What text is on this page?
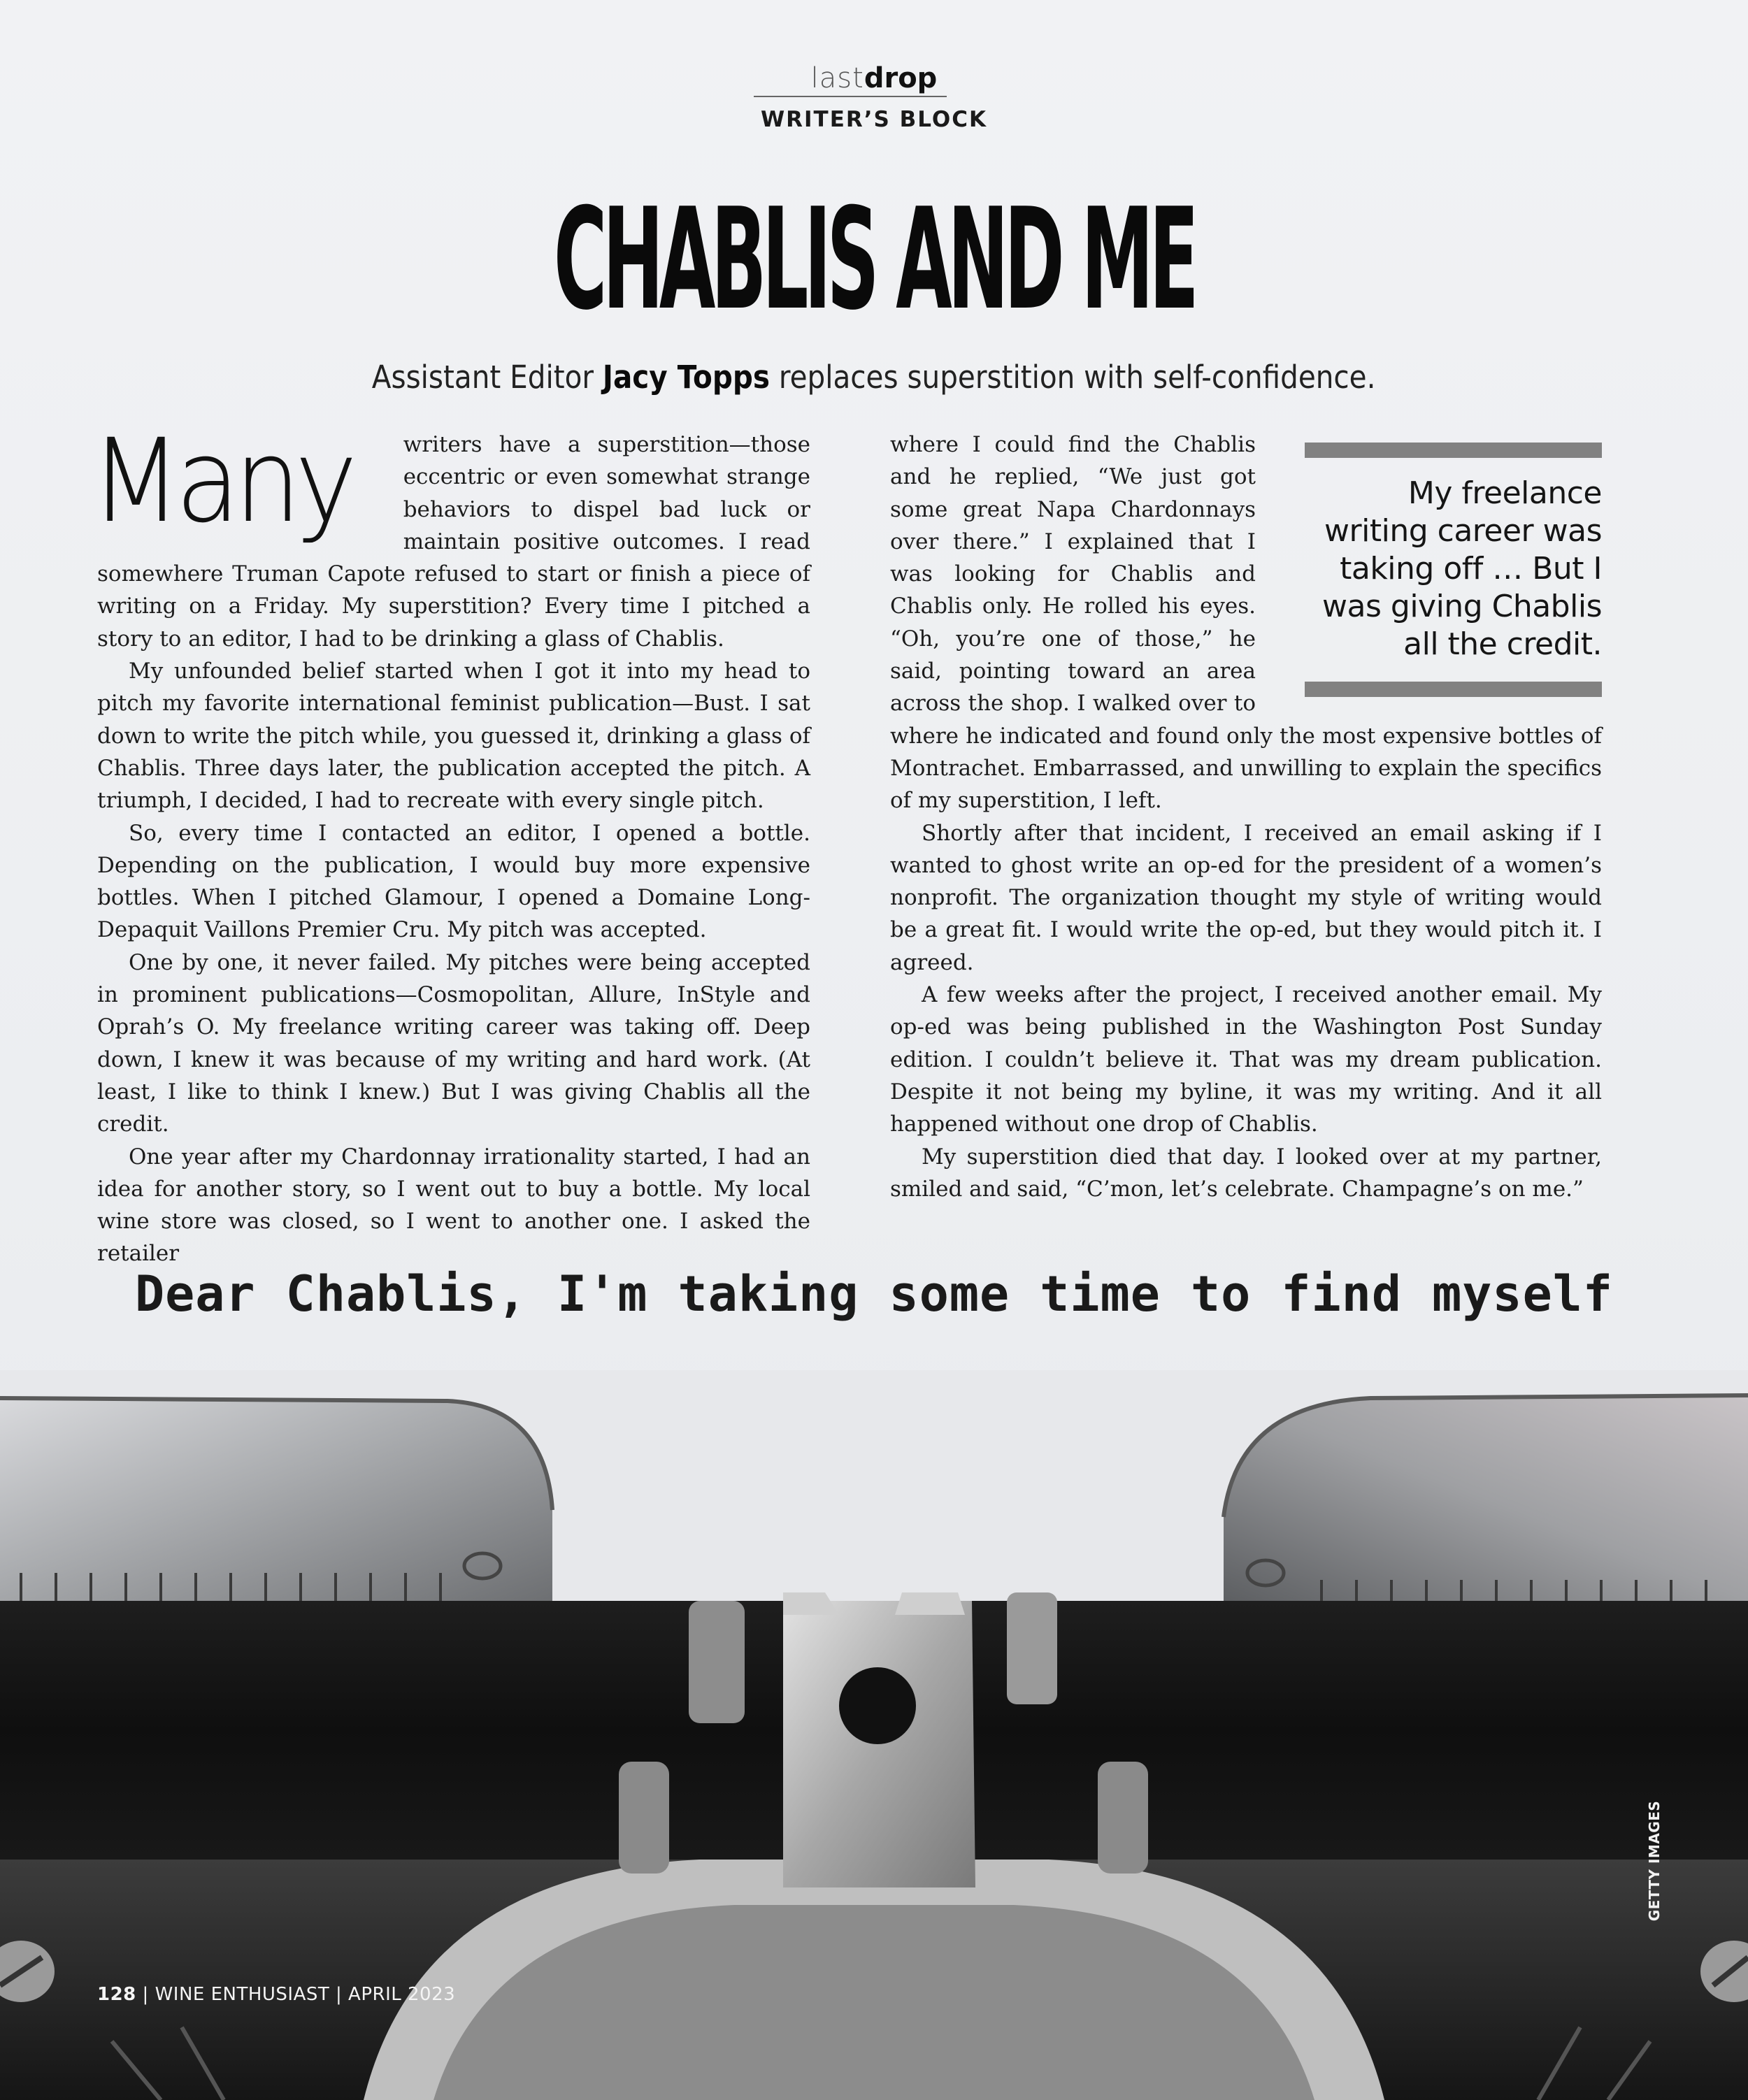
lastdrop
WRITER’S BLOCK
CHABLIS AND ME
Assistant Editor Jacy Topps replaces superstition with self-confidence.
Many	writers have a superstition—those eccentric or even somewhat strange behaviors to dispel bad luck or maintain positive outcomes. I read somewhere Truman Capote refused to start or finish a piece of writing on a Friday. My superstition? Every time I pitched a story to an editor, I had to be drinking a glass of Chablis.

My unfounded belief started when I got it into my head to pitch my favorite international feminist publication—Bust. I sat down to write the pitch while, you guessed it, drinking a glass of Chablis. Three days later, the publication accepted the pitch. A triumph, I decided, I had to recreate with every single pitch.

So, every time I contacted an editor, I opened a bottle. Depending on the publication, I would buy more expensive bottles. When I pitched Glamour, I opened a Domaine Long-Depaquit Vaillons Premier Cru. My pitch was accepted.

One by one, it never failed. My pitches were being accepted in prominent publications—Cosmopolitan, Allure, InStyle and Oprah’s O. My freelance writing career was taking off. Deep down, I knew it was because of my writing and hard work. (At least, I like to think I knew.) But I was giving Chablis all the credit.

One year after my Chardonnay irrationality started, I had an idea for another story, so I went out to buy a bottle. My local wine store was closed, so I went to another one. I asked the retailer

My freelance writing career was taking off … But I was giving Chablis all the credit.

where I could find the Chablis and he replied, “We just got some great Napa Chardonnays over there.” I explained that I was looking for Chablis and Chablis only. He rolled his eyes. “Oh, you’re one of those,” he said, pointing toward an area across the shop. I walked over to where he indicated and found only the most expensive bottles of Montrachet. Embarrassed, and unwilling to explain the specifics of my superstition, I left.

Shortly after that incident, I received an email asking if I wanted to ghost write an op-ed for the president of a women’s nonprofit. The organization thought my style of writing would be a great fit. I would write the op-ed, but they would pitch it. I agreed.

A few weeks after the project, I received another email. My op-ed was being published in the Washington Post Sunday edition. I couldn’t believe it. That was my dream publication. Despite it not being my byline, it was my writing. And it all happened without one drop of Chablis.

My superstition died that day. I looked over at my partner, smiled and said, “C’mon, let’s celebrate. Champagne’s on me.”

Dear Chablis, I'm taking some time to find myself
GETTY IMAGES
128 | WINE ENTHUSIAST | APRIL 2023
